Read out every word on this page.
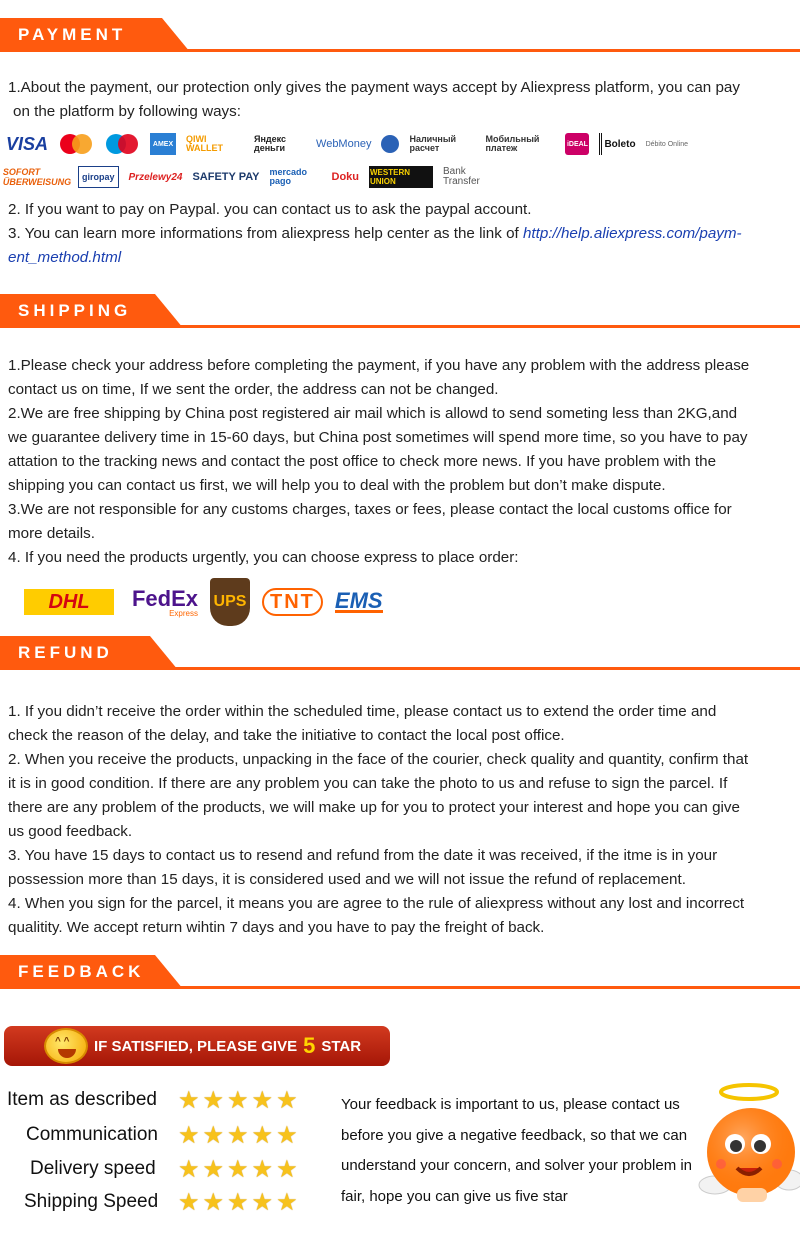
PAYMENT

1.About the payment, our protection only gives the payment ways accept by Aliexpress platform, you can pay

on the platform by following ways:

VISA	AMEX	QIWI WALLET
Яндекс деньги	WebMoney	Наличный расчет
Мобильный платеж	iDEAL	Boleto Débito Online
SOFORT ÜBERWEISUNG	giropay	Przelewy24 SAFETY PAY mercado pago	Doku WESTERN UNION
Bank Transfer

2. If you want to pay on Paypal. you can contact us to ask the paypal account.

3. You can learn more informations from aliexpress help center as the link of http://help.aliexpress.com/paym-

ent_method.html

SHIPPING

1.Please check your address before completing the payment, if you have any problem with the address please

contact us on time, If we sent the order, the address can not be changed.

2.We are free shipping by China post registered air mail which is allowd to send someting less than 2KG,and

we guarantee delivery time in 15-60 days, but China post sometimes will spend more time, so you have to pay

attation to the tracking news and contact the post office to check more news. If you have problem with the

shipping you can contact us first, we will help you to deal with the problem but don’t make dispute.

3.We are not responsible for any customs charges, taxes or fees, please contact the local customs office for

more details.

4. If you need the products urgently, you can choose express to place order:

DHL	FedEx
Express
UPS	TNT EMS
REFUND

1. If you didn’t receive the order within the scheduled time, please contact us to extend the order time and

check the reason of the delay, and take the initiative to contact the local post office.

2. When you receive the products, unpacking in the face of the courier, check quality and quantity, confirm that

it is in good condition. If there are any problem you can take the photo to us and refuse to sign the parcel. If

there are any problem of the products, we will make up for you to protect your interest and hope you can give

us good feedback.

3. You have 15 days to contact us to resend and refund from the date it was received, if the itme is in your

possession more than 15 days, it is considered used and we will not issue the refund of replacement.

4. When you sign for the parcel, it means you are agree to the rule of aliexpress without any lost and incorrect

qualitity. We accept return wihtin 7 days and you have to pay the freight of back.

FEEDBACK
^ ^
IF SATISFIED, PLEASE GIVE 5 STAR
Item as described ★ ★ ★ ★ ★
Communication ★ ★ ★ ★ ★
Delivery speed ★ ★ ★ ★ ★
Shipping Speed ★ ★ ★ ★ ★

Your feedback is important to us, please contact us

before you give a negative feedback, so that we can

understand your concern, and solver your problem in

fair, hope you can give us five star
